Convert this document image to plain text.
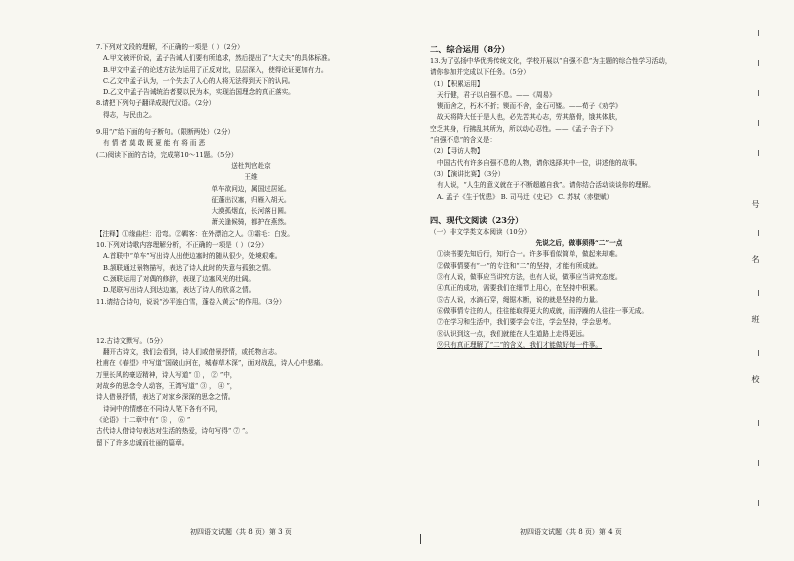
7.下列对文段的理解，不正确的一项是（ ）（2分）
A.甲文被评价说，孟子告诫人们要有所追求，然后提出了“大丈夫”的具体标准。
B.甲文中孟子的论述方法为运用了正反对比，层层深入，使得论证更加有力。
C.乙文中孟子认为，一个失去了人心的人将无法得到天下的认同。
D.乙文中孟子告诫统治者要以民为本，实现治国理念的真正落实。
8.请把下列句子翻译成现代汉语。（2分）
得志，与民由之。
9.用“/”给下面的句子断句。（限断两处）（2分）
有 情 者 莫 敢 既 夏 能 有 将 而 恶
(二)阅读下面的古诗，完成第10～11题。（5分）
送杜判官赴京
王维
单车欲问边，属国过居延。
征蓬出汉塞，归雁入胡天。
大漠孤烟直，长河落日圆。
萧关逢候骑，都护在燕然。
【注释】①缘曲栏：沿弯。②羁客：在外漂泊之人。③霜毛：白发。
10.下列对诗歌内容理解分析，不正确的一项是（ ）（2分）
A.首联中“单车”写出诗人出使边塞时的随从很少，处境艰难。
B.颔联通过景物描写，表达了诗人此时的失意与孤独之情。
C.颈联运用了对偶的修辞，表现了边塞风光的壮阔。
D.尾联写出诗人到达边塞，表达了诗人的欣喜之情。
11.请结合诗句，说说“沙平连白雪，蓬卷入黄云”的作用。（3分）
12.古诗文默写。（5分）
翻开古诗文，我们会看到，诗人们或借景抒情，或托物言志。
杜甫在《春望》中写道“国破山河在，城春草木深”，面对战乱，诗人心中悲痛。
万里长风的豪迈精神，诗人写道“ ① ， ② ”中，
对故乡的思念令人动容，王湾写道“ ③ ， ④ ”，
诗人借景抒情，表达了对家乡深深的思念之情。
诗词中的情感在不同诗人笔下各有不同，
《论语》十二章中有“ ⑤ ， ⑥ ”
古代诗人借诗句表达对生活的热爱，诗句写得“ ⑦ ”。
留下了许多忠诚而壮丽的篇章。
初四语文试题（共 8 页）第 3 页
二、综合运用（8分）
13.为了弘扬中华优秀传统文化，学校开展以“自强不息”为主题的综合性学习活动，
请你参加并完成以下任务。（5分）
（1）【积累运用】
天行健，君子以自强不息。——《周易》
锲而舍之，朽木不折；锲而不舍，金石可镂。——荀子《劝学》
故天将降大任于是人也，必先苦其心志，劳其筋骨，饿其体肤，
空乏其身，行拂乱其所为，所以动心忍性。——《孟子·告子下》
“自强不息”的含义是：
（2）【寻访人物】
中国古代有许多自强不息的人物，请你选择其中一位，讲述他的故事。
（3）【演讲比赛】（3分）
有人说，“人生的意义就在于不断超越自我”。请你结合活动谈谈你的理解。
A. 孟子《生于忧患》 B. 司马迁《史记》 C. 苏轼（赤壁赋）
四、现代文阅读（23分）
（一）非文学类文本阅读（10分）
先说之后，做事须得“二”一点
①读书要先知后行，知行合一。许多事看似简单，做起来却难。
②做事情要有“一”的专注和“二”的坚持，才能有所成就。
③有人说，做事应当讲究方法，也有人说，做事应当讲究态度。
④真正的成功，需要我们在细节上用心，在坚持中积累。
⑤古人说，水滴石穿，绳锯木断，说的就是坚持的力量。
⑥做事情专注的人，往往能取得更大的成就，而浮躁的人往往一事无成。
⑦在学习和生活中，我们要学会专注，学会坚持，学会思考。
⑧认识到这一点，我们就能在人生道路上走得更远。
⑨只有真正理解了“二”的含义，我们才能做好每一件事。
初四语文试题（共 8 页）第 4 页
号
名
班
校
